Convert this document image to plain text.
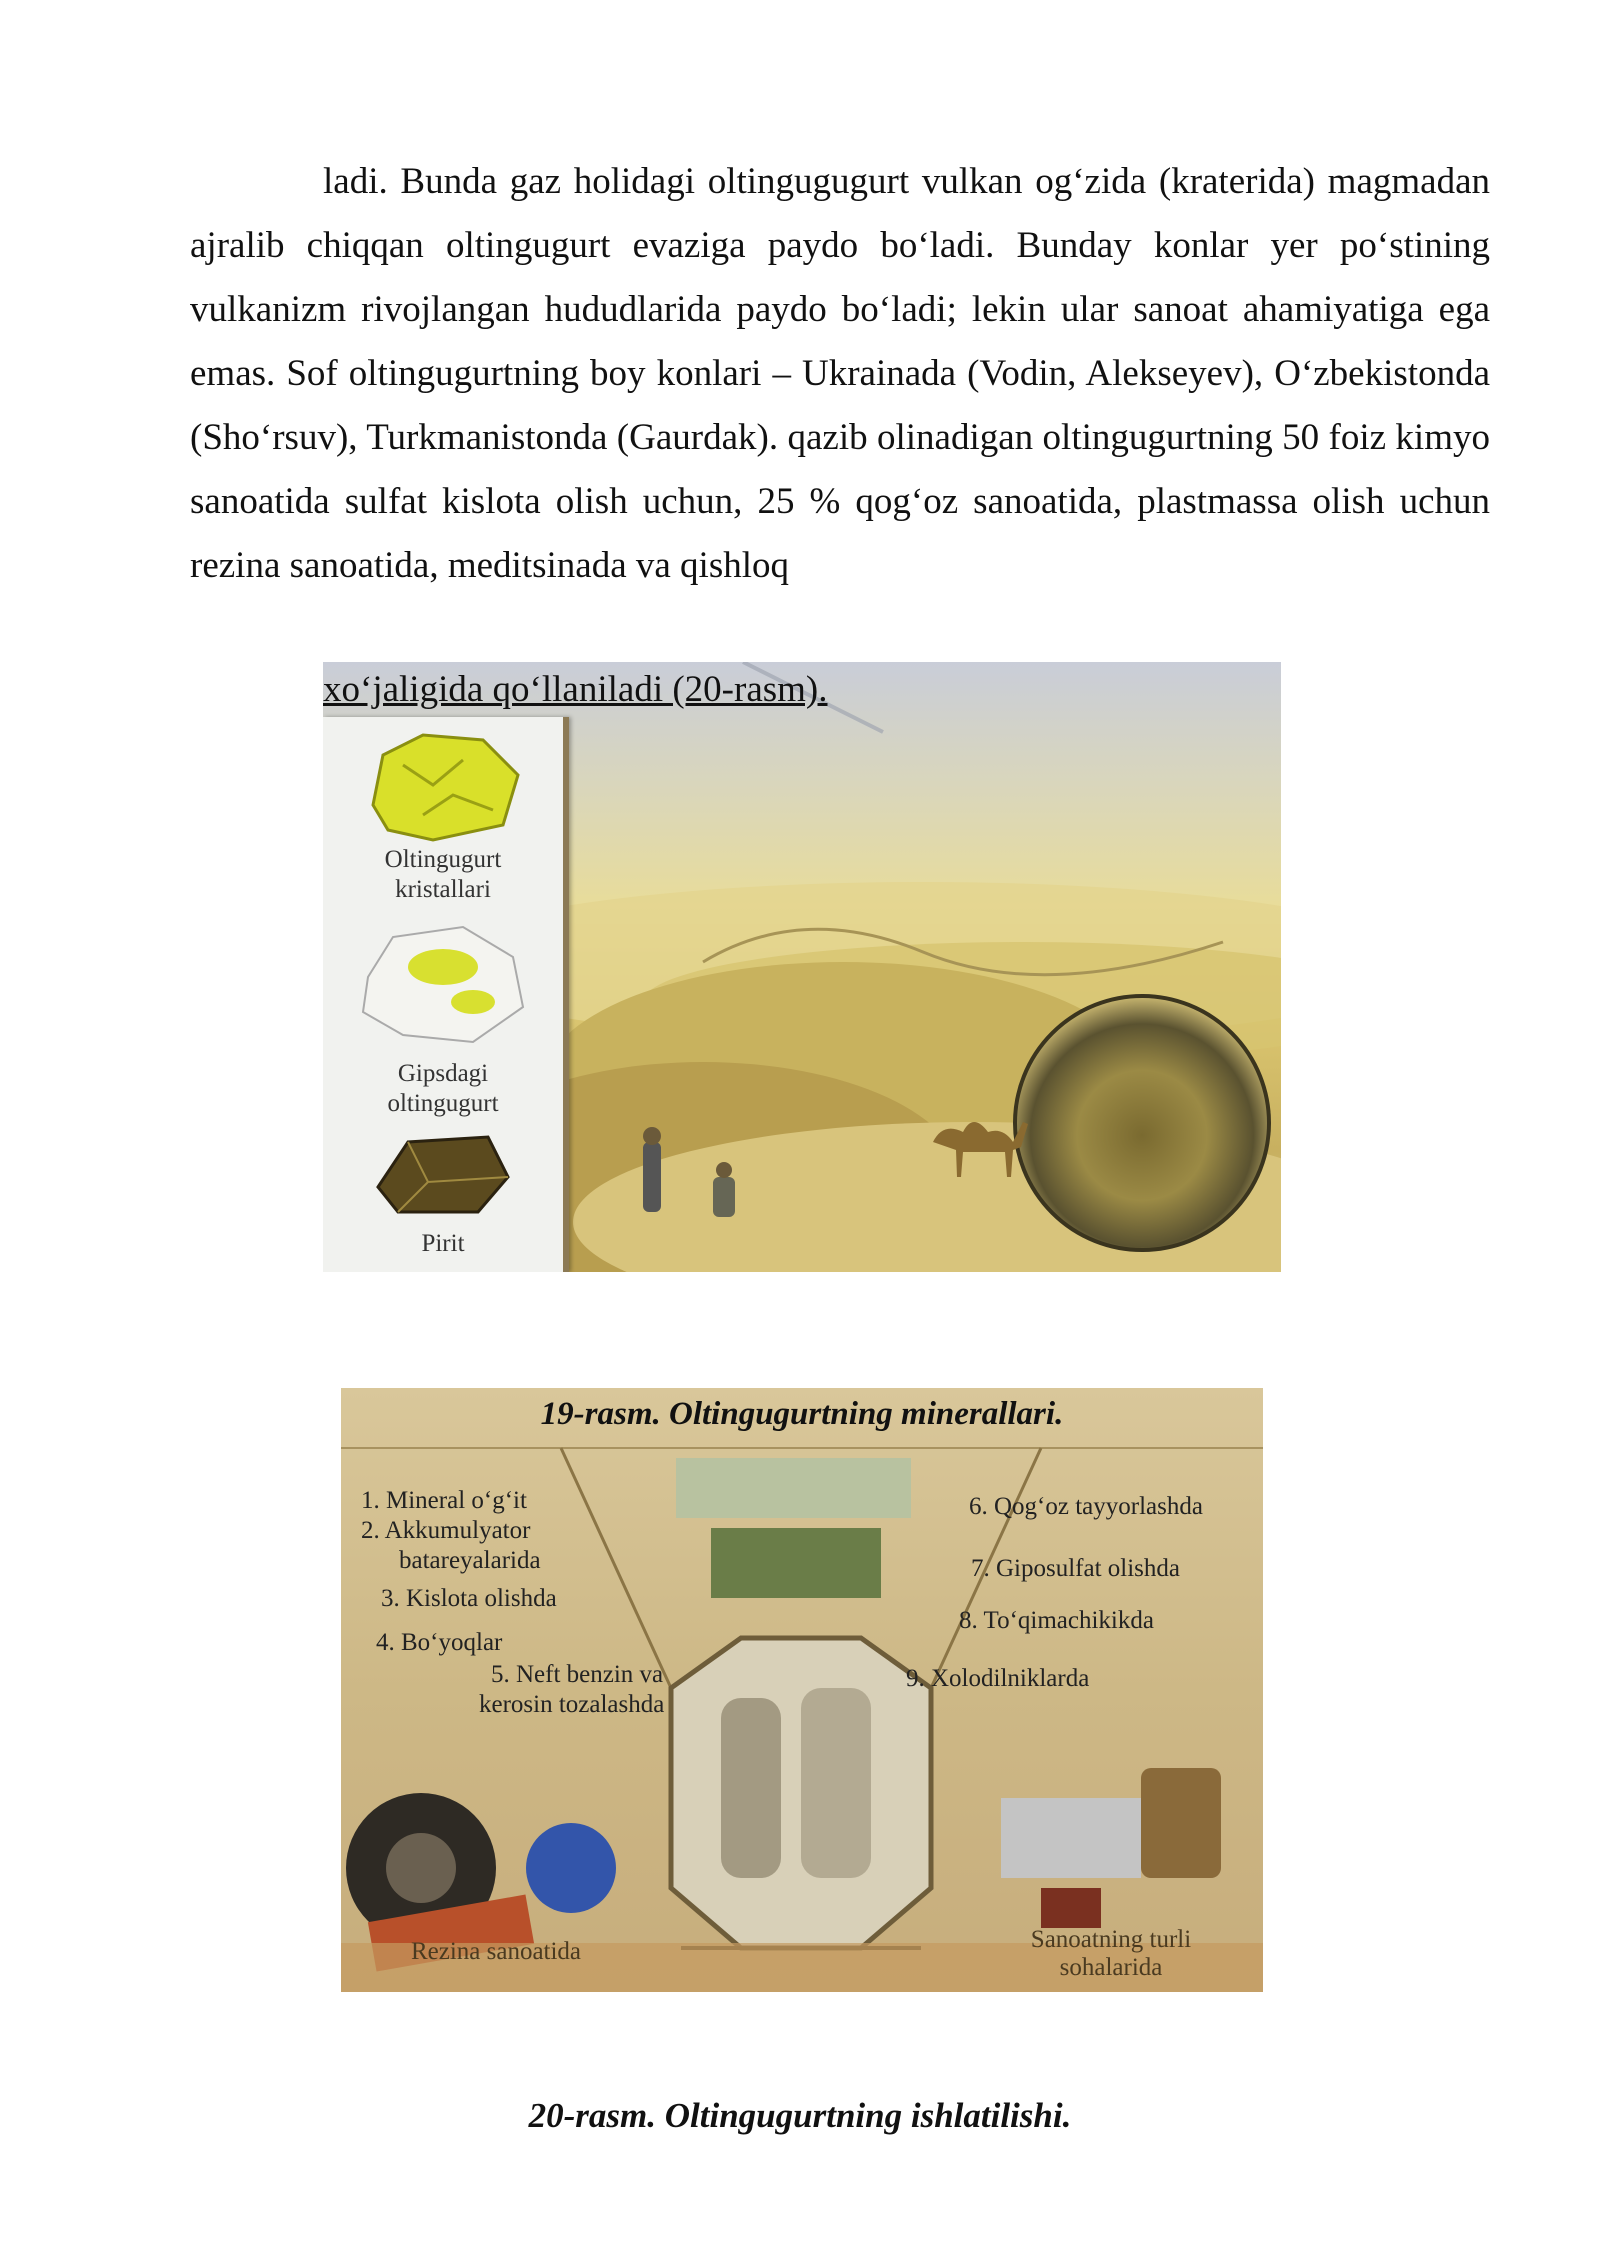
ladi. Bunda gaz holidagi oltingugugurt vulkan og‘zida (kraterida) magmadan ajralib chiqqan oltingugurt evaziga paydo bo‘ladi. Bunday konlar yer po‘stining vulkanizm rivojlangan hududlarida paydo bo‘ladi; lekin ular sanoat ahamiyatiga ega emas. Sof oltingugurtning boy konlari – Ukrainada (Vodin, Alekseyev), O‘zbekistonda (Sho‘rsuv), Turkmanistonda (Gaurdak). qazib olinadigan oltingugurtning 50 foiz kimyo sanoatida sulfat kislota olish uchun, 25 % qog‘oz sanoatida, plastmassa olish uchun rezina sanoatida, meditsinada va qishloq

Oltingugurt kristallari
Gipsdagi oltingugurt
Pirit
xo‘jaligida qo‘llaniladi (20-rasm).
19-rasm. Oltingugurtning minerallari.
1. Mineral o‘g‘it
2. Akkumulyator
batareyalarida
3. Kislota olishda
4. Bo‘yoqlar
5. Neft benzin va
kerosin tozalashda
6. Qog‘oz tayyorlashda
7. Giposulfat olishda
8. To‘qimachikikda
9. Xolodilniklarda
Rezina sanoatida	Sanoatning turli
sohalarida
20-rasm. Oltingugurtning ishlatilishi.
